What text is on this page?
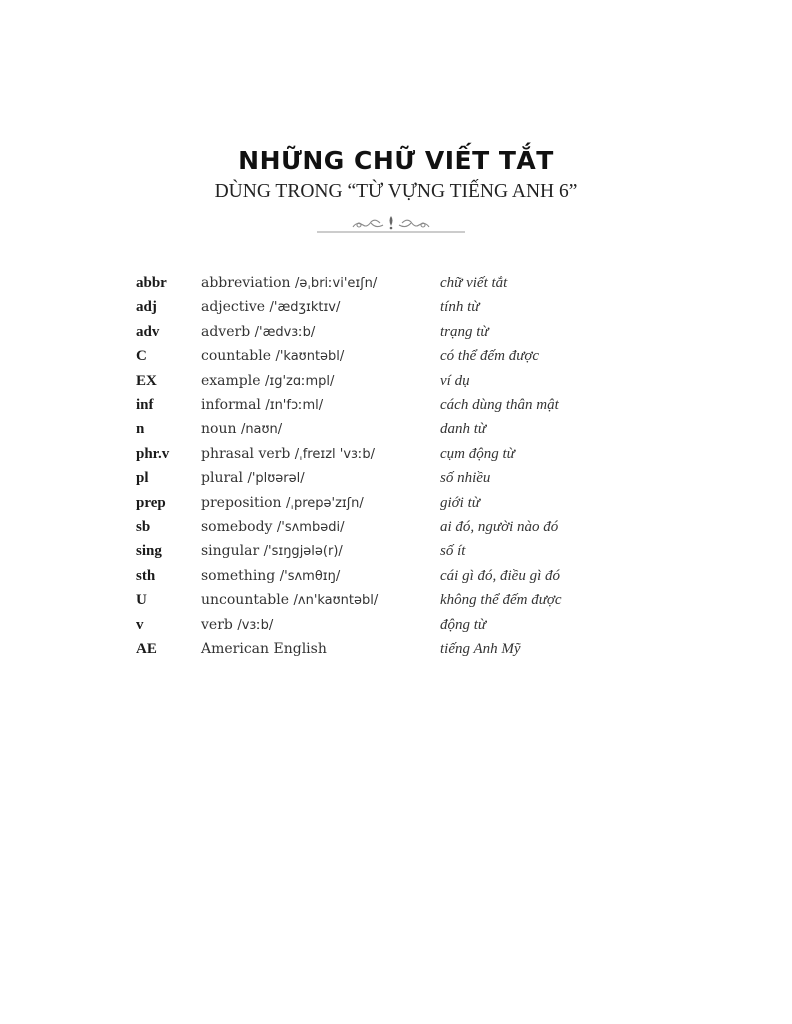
NHỮNG CHỮ VIẾT TẮT
DÙNG TRONG “TỪ VỰNG TIẾNG ANH 6”
abbr abbreviation /əˌbriːvi'eɪʃn/	chữ viết tắt
adj	adjective /'ædʒɪktɪv/	tính từ
adv	adverb /'ædvɜːb/	trạng từ
C	countable /'kaʊntəbl/	có thể đếm được
EX	example /ɪg'zɑːmpl/	ví dụ
inf	informal /ɪn'fɔːml/	cách dùng thân mật
n	noun /naʊn/	danh từ
phr.v phrasal verb /ˌfreɪzl 'vɜːb/	cụm động từ
pl	plural /'plʊərəl/	số nhiều
prep	preposition /ˌprepə'zɪʃn/	giới từ
sb	somebody /'sʌmbədi/	ai đó, người nào đó
sing	singular /'sɪŋgjələ(r)/	số ít
sth	something /'sʌmθɪŋ/	cái gì đó, điều gì đó
U	uncountable /ʌn'kaʊntəbl/	không thể đếm được
v	verb /vɜːb/	động từ
AE	American English	tiếng Anh Mỹ
